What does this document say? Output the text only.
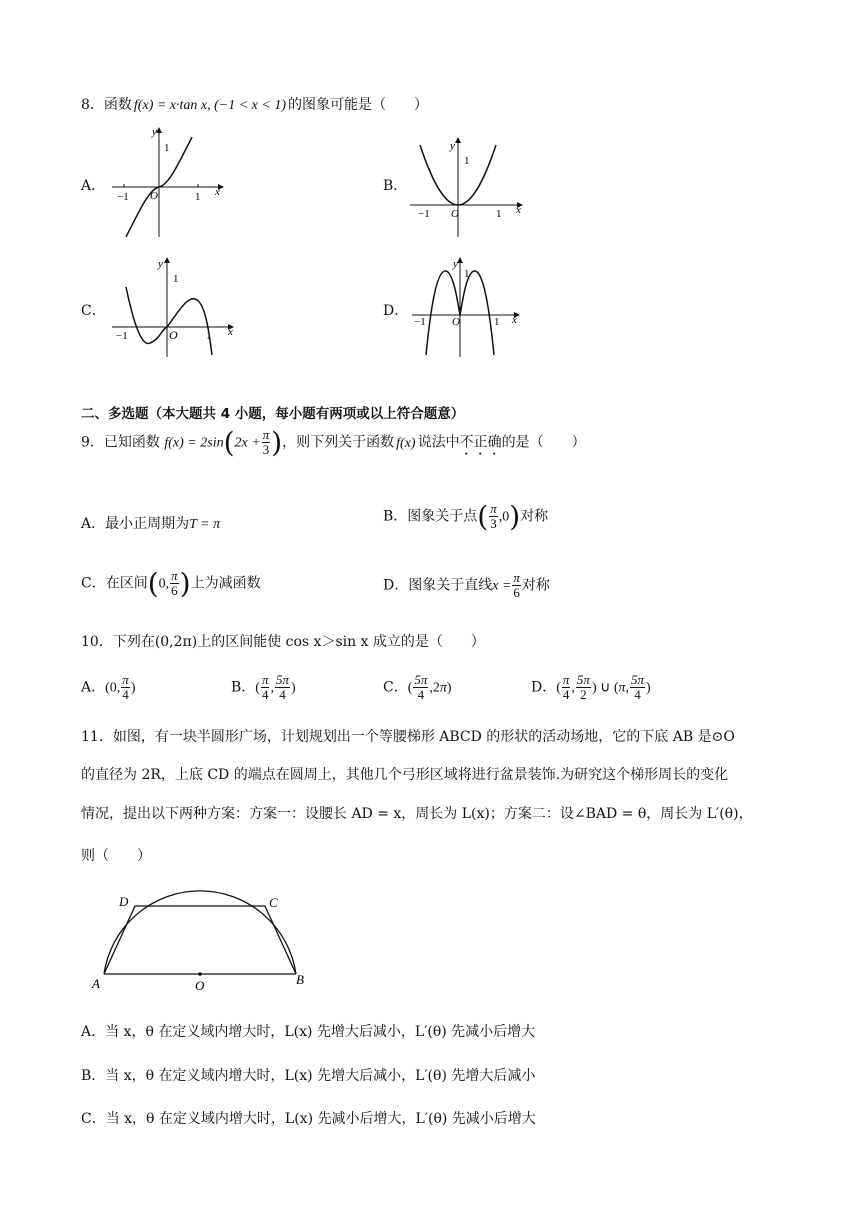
8．函数 f(x) = x·tan x, (−1 < x < 1) 的图象可能是（　　）
A．
y
x
O
−1	1
1
B．
y
x
O
−1	1
1
C．
y
x
O
−1	1
1
D．
y
x
O
−1	1
1
二、多选题（本大题共 4 小题，每小题有两项或以上符合题意）
9．已知函数 $f(x) = 2\sin(2x + \frac{\pi}{3}$ )，则下列关于函数 f(x) 说法中不正确的是（　　）
A．最小正周期为T = π	B．图象关于点( $\frac{\pi}{3} ,0$)对称
C．在区间(0, $\frac{\pi}{6}$ )上为减函数	D．图象关于直线$x = \frac{\pi}{6}$ 对称
10．下列在(0,2π)上的区间能使 cos x＞sin x 成立的是（　　）
A．(0, $\frac{\pi}{4}$ )	B．( $\frac{\pi}{4}$ , $\frac{5\pi}{4}$ )	C．( $\frac{5\pi}{4} ,2\pi$)	D．( $\frac{\pi}{4}$ , $\frac{5\pi}{2}$ ) ∪ (π, $\frac{5\pi}{4}$ )
11．如图，有一块半圆形广场，计划规划出一个等腰梯形 ABCD 的形状的活动场地，它的下底 AB 是⊙O
的直径为 2R，上底 CD 的端点在圆周上，其他几个弓形区域将进行盆景装饰.为研究这个梯形周长的变化
情况，提出以下两种方案：方案一：设腰长 AD = x，周长为 L(x)；方案二：设∠BAD = θ，周长为 L′(θ)，
则（　　）
A	B
C
D
O
A．当 x，θ 在定义域内增大时，L(x) 先增大后减小，L′(θ) 先减小后增大
B．当 x，θ 在定义域内增大时，L(x) 先增大后减小，L′(θ) 先增大后减小
C．当 x，θ 在定义域内增大时，L(x) 先减小后增大，L′(θ) 先减小后增大
